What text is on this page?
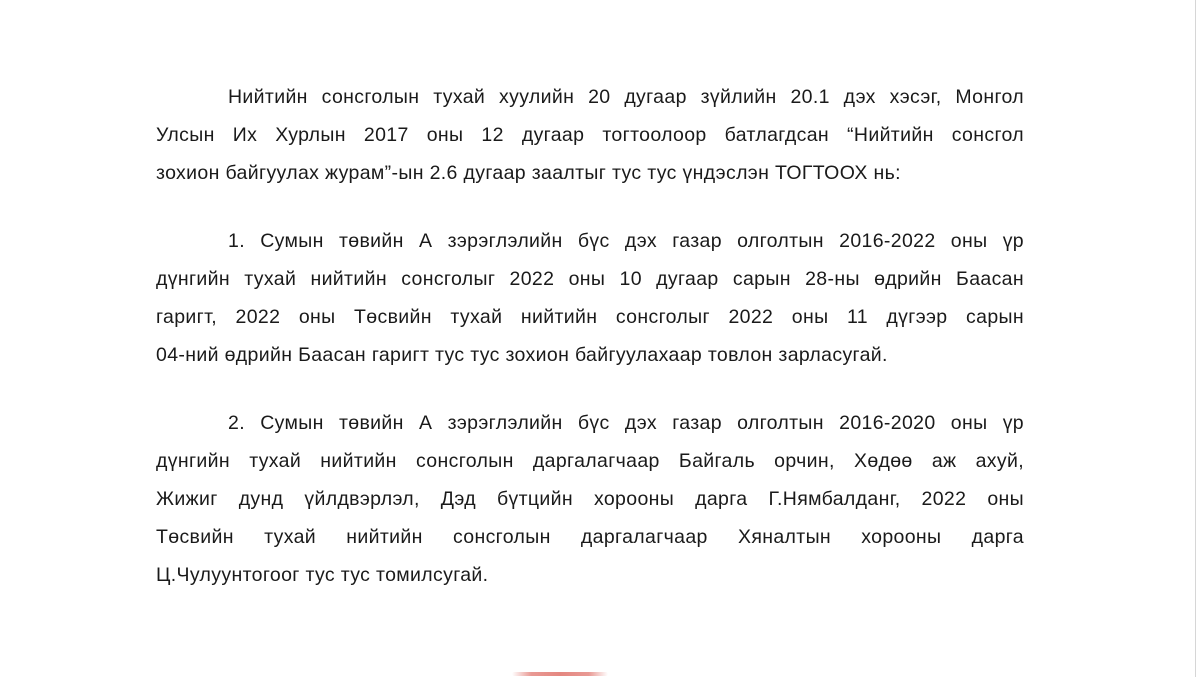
Нийтийн сонсголын тухай хуулийн 20 дугаар зүйлийн 20.1 дэх хэсэг, Монгол
Улсын Их Хурлын 2017 оны 12 дугаар тогтоолоор батлагдсан “Нийтийн сонсгол
зохион байгуулах журам”-ын 2.6 дугаар заалтыг тус тус үндэслэн ТОГТООХ нь:
1. Сумын төвийн А зэрэглэлийн бүс дэх газар олголтын 2016-2022 оны үр
дүнгийн тухай нийтийн сонсголыг 2022 оны 10 дугаар сарын 28-ны өдрийн Баасан
гаригт, 2022 оны Төсвийн тухай нийтийн сонсголыг 2022 оны 11 дүгээр сарын
04-ний өдрийн Баасан гаригт тус тус зохион байгуулахаар товлон зарласугай.
2. Сумын төвийн А зэрэглэлийн бүс дэх газар олголтын 2016-2020 оны үр
дүнгийн тухай нийтийн сонсголын даргалагчаар Байгаль орчин, Хөдөө аж ахуй,
Жижиг дунд үйлдвэрлэл, Дэд бүтцийн хорооны дарга Г.Нямбалданг, 2022 оны
Төсвийн тухай нийтийн сонсголын даргалагчаар Хяналтын хорооны дарга
Ц.Чулуунтогоог тус тус томилсугай.
